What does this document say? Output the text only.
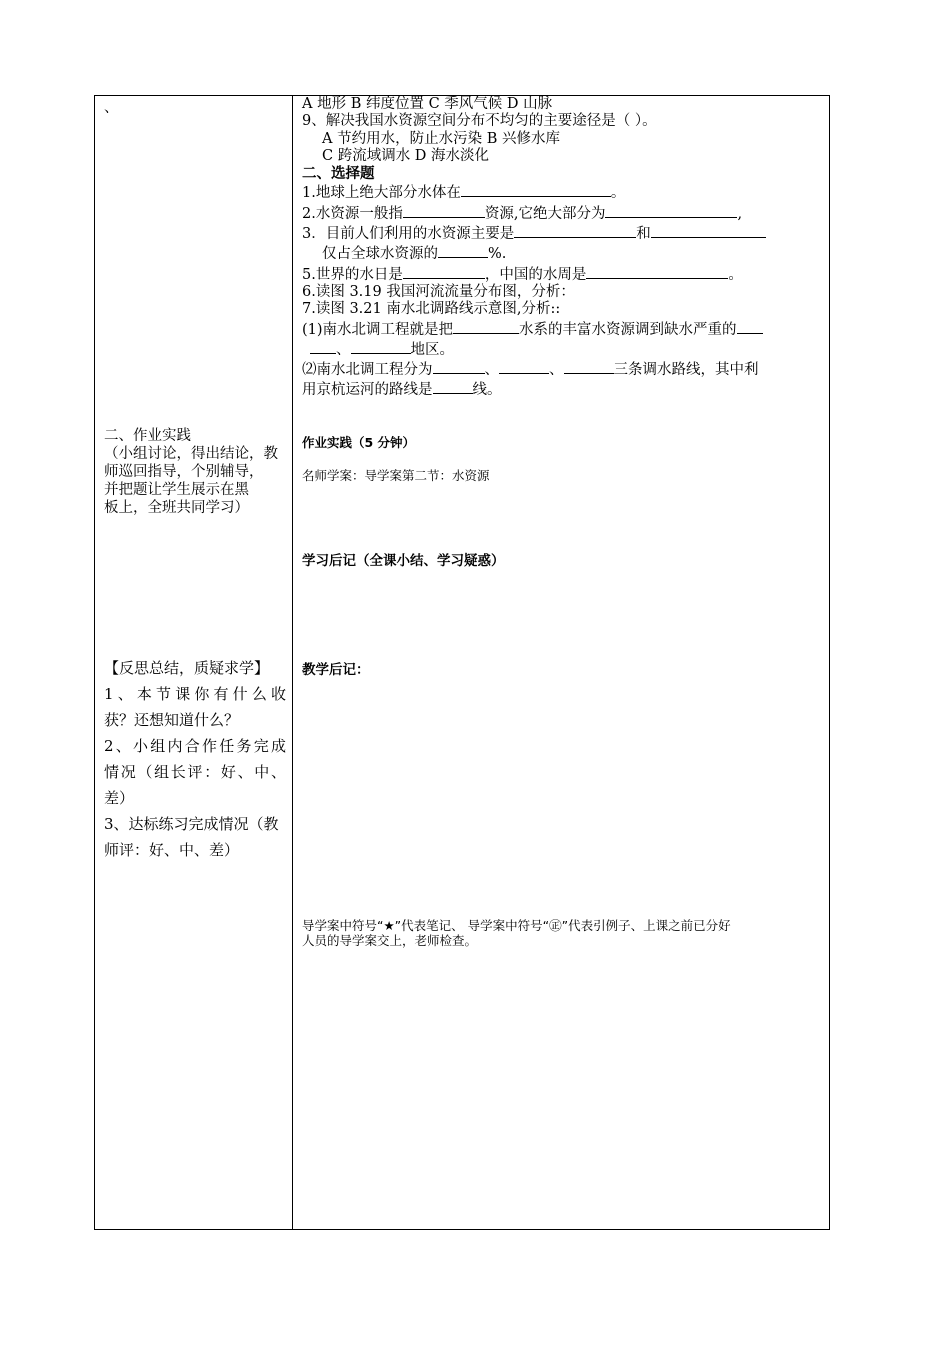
、
二、作业实践
（小组讨论，得出结论，教
师巡回指导，个别辅导，
并把题让学生展示在黑
板上，全班共同学习）
【反思总结，质疑求学】
1、本节课你有什么收
获？还想知道什么？
2、小组内合作任务完成
情况（组长评：好、中、
差）
3、达标练习完成情况（教
师评：好、中、差）
A 地形 B 纬度位置 C 季风气候 D 山脉
9、解决我国水资源空间分布不均匀的主要途径是（ ）。
A 节约用水，防止水污染 B 兴修水库
C 跨流域调水 D 海水淡化
二、选择题
1.地球上绝大部分水体在	。
2.水资源一般指	资源,它绝大部分为	,
3．目前人们利用的水资源主要是	和
仅占全球水资源的	%.
5.世界的水日是	，中国的水周是	。
6.读图 3.19 我国河流流量分布图，分析：
7.读图 3.21 南水北调路线示意图,分析::
(1)南水北调工程就是把	水系的丰富水资源调到缺水严重的
、	地区。
⑵南水北调工程分为	、	、	三条调水路线，其中利
用京杭运河的路线是	线。
作业实践（5 分钟）
名师学案：导学案第二节：水资源
学习后记（全课小结、学习疑惑）
教学后记：
导学案中符号“★”代表笔记、 导学案中符号“㊣”代表引例子、上课之前已分好
人员的导学案交上，老师检查。
